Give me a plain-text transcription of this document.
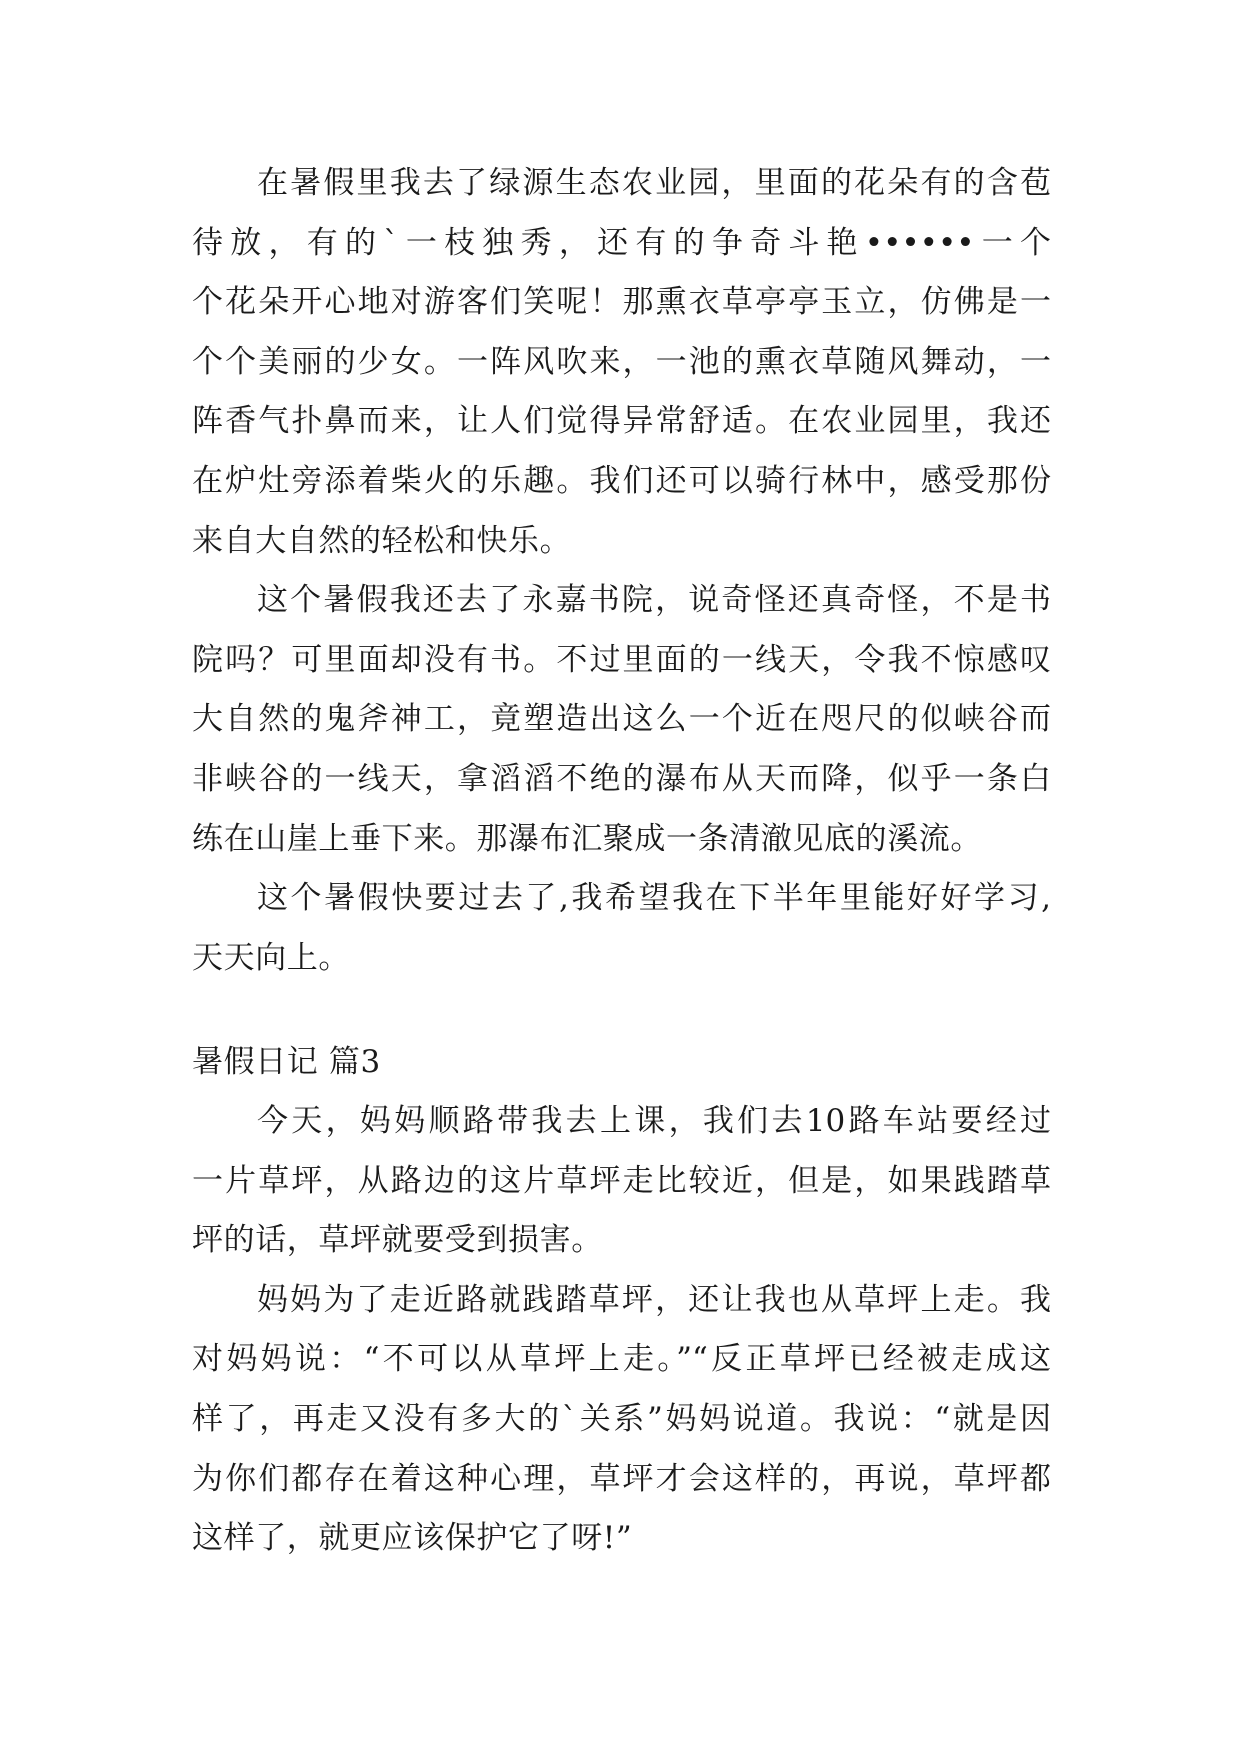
在暑假里我去了绿源生态农业园，里面的花朵有的含苞
待放，有的`一枝独秀，还有的争奇斗艳••••••一个
个花朵开心地对游客们笑呢！那熏衣草亭亭玉立，仿佛是一
个个美丽的少女。一阵风吹来，一池的熏衣草随风舞动，一
阵香气扑鼻而来，让人们觉得异常舒适。在农业园里，我还
在炉灶旁添着柴火的乐趣。我们还可以骑行林中，感受那份
来自大自然的轻松和快乐。
这个暑假我还去了永嘉书院，说奇怪还真奇怪，不是书
院吗？可里面却没有书。不过里面的一线天，令我不惊感叹
大自然的鬼斧神工，竟塑造出这么一个近在咫尺的似峡谷而
非峡谷的一线天，拿滔滔不绝的瀑布从天而降，似乎一条白
练在山崖上垂下来。那瀑布汇聚成一条清澈见底的溪流。
这个暑假快要过去了,我希望我在下半年里能好好学习,
天天向上。
暑假日记 篇3
今天，妈妈顺路带我去上课，我们去10路车站要经过
一片草坪，从路边的这片草坪走比较近，但是，如果践踏草
坪的话，草坪就要受到损害。
妈妈为了走近路就践踏草坪，还让我也从草坪上走。我
对妈妈说：“不可以从草坪上走。”“反正草坪已经被走成这
样了，再走又没有多大的`关系”妈妈说道。我说：“就是因
为你们都存在着这种心理，草坪才会这样的，再说，草坪都
这样了，就更应该保护它了呀!”
